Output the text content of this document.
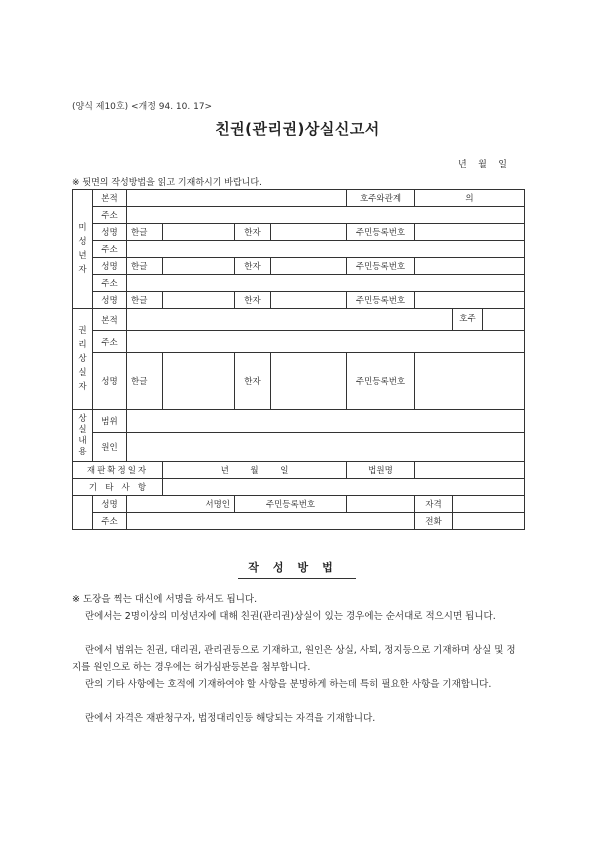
(양식 제10호) <개정 94. 10. 17>
친권(관리권)상실신고서
년    월    일
※ 뒷면의 작성방법을 읽고 기재하시기 바랍니다.
미성년자	본적					호주와관계	의	
	주소							
	성명	한글		한자		주민등록번호		
	주소							
	성명	한글		한자		주민등록번호		
	주소							
	성명	한글		한자		주민등록번호		
권리상실자	본적							호주
	주소							
	성명	한글		한자		주민등록번호		
상실내용	범위							
	원인							
재판확정일자			년        월        일			법원명		
기   타   사   항								
	성명	서명인		주민등록번호			자격	
	주소						전화	
작성방법
※ 도장을 찍는 대신에 서명을 하셔도 됩니다.
란에서는 2명이상의 미성년자에 대해 친권(관리권)상실이 있는 경우에는 순서대로 적으시면 됩니다.
란에서 범위는 친권, 대리권, 관리권등으로 기재하고, 원인은 상실, 사퇴, 정지등으로 기재하며 상실 및 정지를 원인으로 하는 경우에는 허가심판등본을 첨부합니다.
란의 기타 사항에는 호적에 기재하여야 할 사항을 분명하게 하는데 특히 필요한 사항을 기재합니다.
란에서 자격은 재판청구자, 법정대리인등 해당되는 자격을 기재합니다.
